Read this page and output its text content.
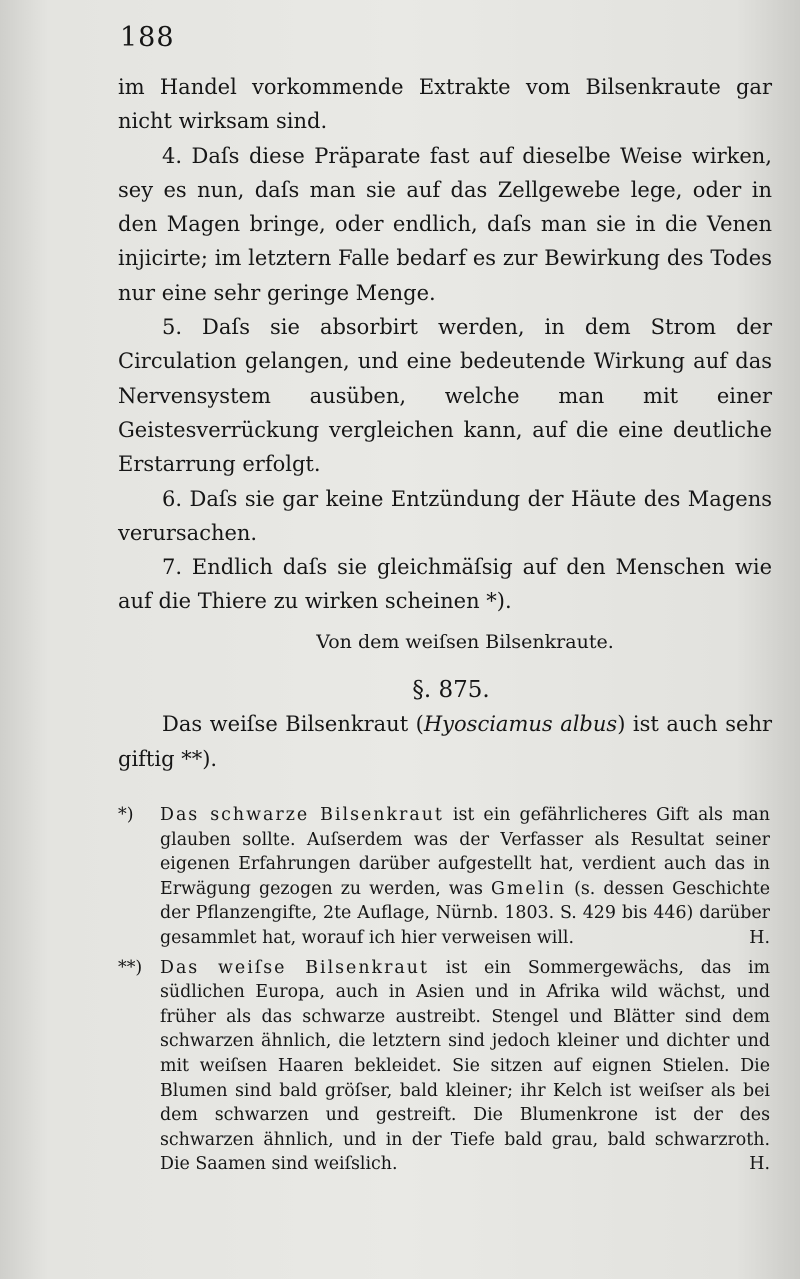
188

im Handel vorkommende Extrakte vom Bilsenkraute gar nicht wirksam sind.

4. Daſs diese Präparate fast auf dieselbe Weise wirken, sey es nun, daſs man sie auf das Zellgewebe lege, oder in den Magen bringe, oder endlich, daſs man sie in die Venen injicirte; im letztern Falle bedarf es zur Bewirkung des Todes nur eine sehr geringe Menge.

5. Daſs sie absorbirt werden, in dem Strom der Circulation gelangen, und eine bedeutende Wirkung auf das Nervensystem ausüben, welche man mit einer Geistesverrückung vergleichen kann, auf die eine deutliche Erstarrung erfolgt.

6. Daſs sie gar keine Entzündung der Häute des Magens verursachen.

7. Endlich daſs sie gleichmäſsig auf den Menschen wie auf die Thiere zu wirken scheinen *).

Von dem weiſsen Bilsenkraute.

§. 875.

Das weiſse Bilsenkraut (Hyosciamus albus) ist auch sehr giftig **).

*)	Das schwarze Bilsenkraut ist ein gefährlicheres Gift als man glauben sollte. Auſserdem was der Verfasser als Resultat seiner eigenen Erfahrungen darüber aufgestellt hat, verdient auch das in Erwägung gezogen zu werden, was Gmelin (s. dessen Geschichte der Pflanzengifte, 2te Auflage, Nürnb. 1803. S. 429 bis 446) darüber gesammlet hat, worauf ich hier verweisen will.	H.

**)	Das weiſse Bilsenkraut ist ein Sommergewächs, das im südlichen Europa, auch in Asien und in Afrika wild wächst, und früher als das schwarze austreibt. Stengel und Blätter sind dem schwarzen ähnlich, die letztern sind jedoch kleiner und dichter und mit weiſsen Haaren bekleidet. Sie sitzen auf eignen Stielen. Die Blumen sind bald gröſser, bald kleiner; ihr Kelch ist weiſser als bei dem schwarzen und gestreift. Die Blumenkrone ist der des schwarzen ähnlich, und in der Tiefe bald grau, bald schwarzroth. Die Saamen sind weiſslich.	H.
